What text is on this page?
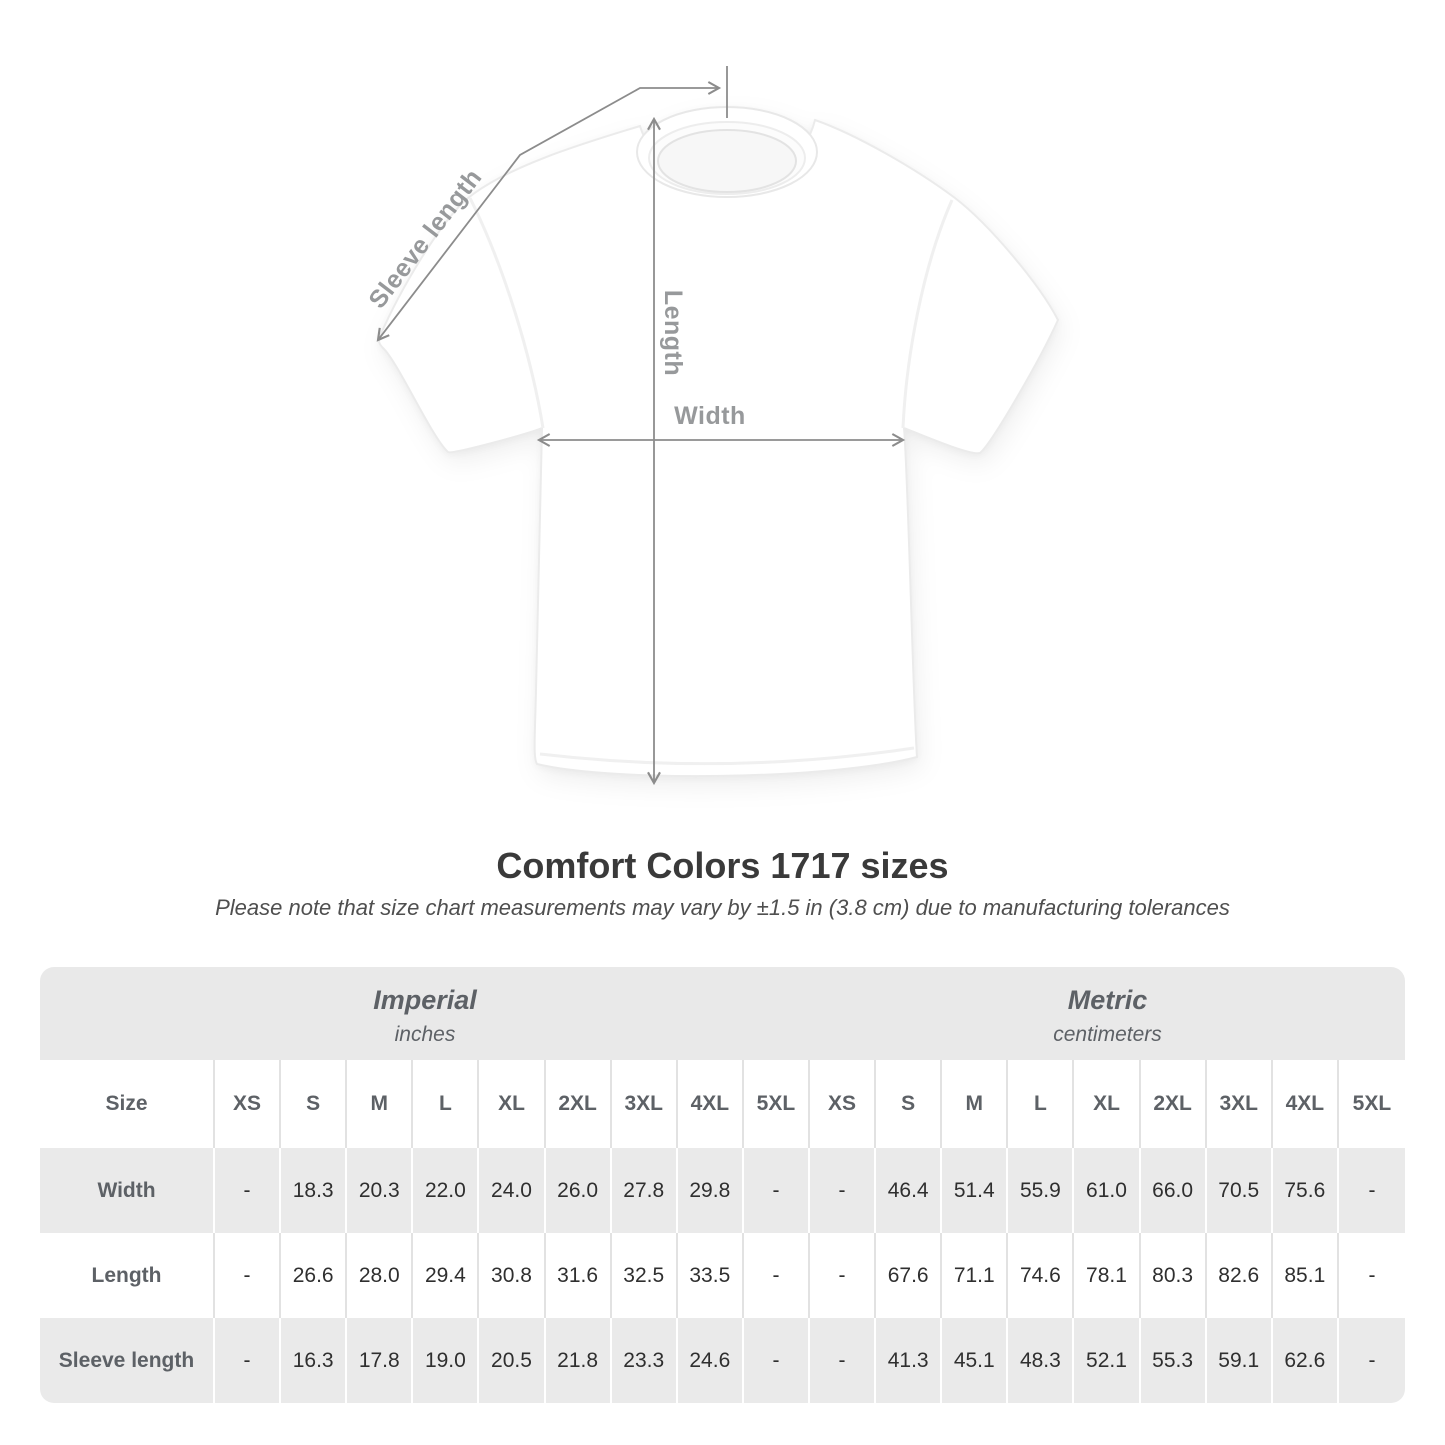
Sleeve length
Length
Width
Comfort Colors 1717 sizes
Please note that size chart measurements may vary by ±1.5 in (3.8 cm) due to manufacturing tolerances
Imperial
inches
Metric
centimeters
Size	XS	S	M	L	XL	2XL	3XL	4XL	5XL	XS	S	M	L	XL	2XL	3XL	4XL	5XL
Width	-	18.3	20.3	22.0	24.0	26.0	27.8	29.8	-	-	46.4	51.4	55.9	61.0	66.0	70.5	75.6	-
Length	-	26.6	28.0	29.4	30.8	31.6	32.5	33.5	-	-	67.6	71.1	74.6	78.1	80.3	82.6	85.1	-
Sleeve length	-	16.3	17.8	19.0	20.5	21.8	23.3	24.6	-	-	41.3	45.1	48.3	52.1	55.3	59.1	62.6	-
